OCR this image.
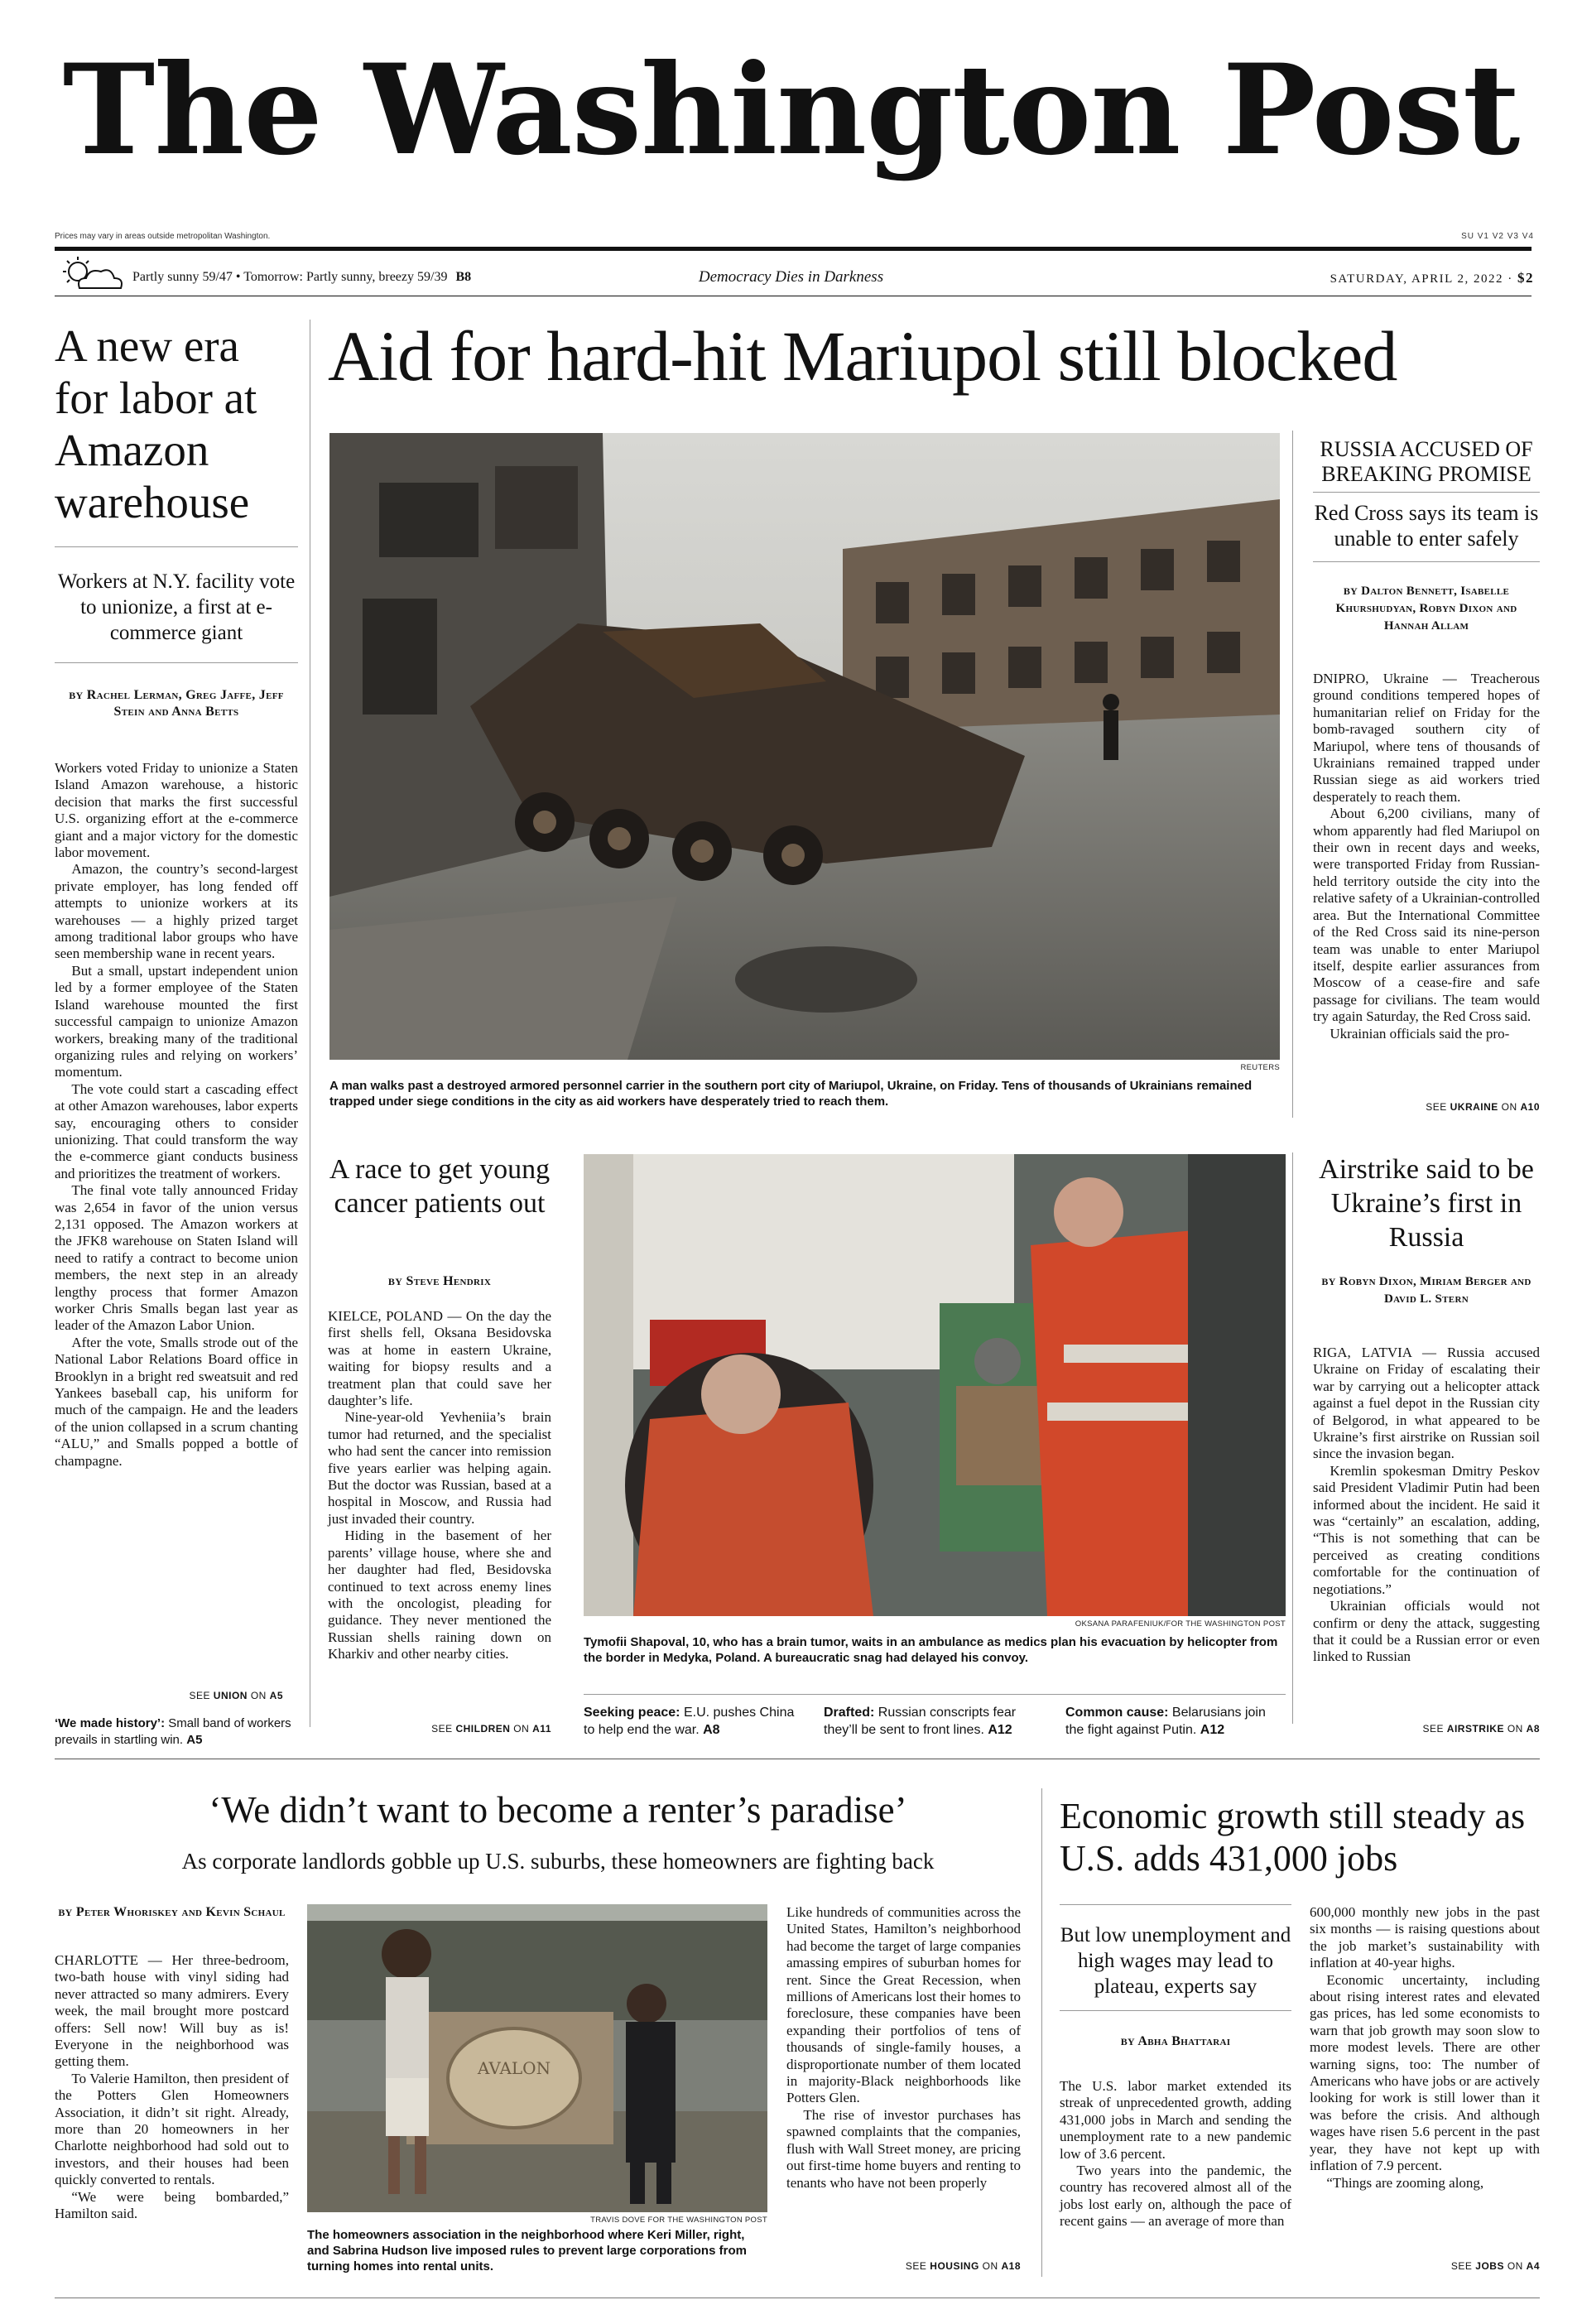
The Washington Post
Prices may vary in areas outside metropolitan Washington.	SU V1 V2 V3 V4
Partly sunny 59/47 • Tomorrow: Partly sunny, breezy 59/39 B8	Democracy Dies in Darkness	SATURDAY, APRIL 2, 2022 · $2
A new era for labor at Amazon warehouse
Workers at N.Y. facility vote to unionize, a first at e-commerce giant
BY Rachel Lerman, Greg Jaffe, Jeff Stein and Anna Betts

Workers voted Friday to unionize a Staten Island Amazon warehouse, a historic decision that marks the first successful U.S. organizing effort at the e-commerce giant and a major victory for the domestic labor movement.

Amazon, the country’s second-largest private employer, has long fended off attempts to unionize workers at its warehouses — a highly prized target among traditional labor groups who have seen membership wane in recent years.

But a small, upstart independent union led by a former employee of the Staten Island warehouse mounted the first successful campaign to unionize Amazon workers, breaking many of the traditional organizing rules and relying on workers’ momentum.

The vote could start a cascading effect at other Amazon warehouses, labor experts say, encouraging others to consider unionizing. That could transform the way the e-commerce giant conducts business and prioritizes the treatment of workers.

The final vote tally announced Friday was 2,654 in favor of the union versus 2,131 opposed. The Amazon workers at the JFK8 warehouse on Staten Island will need to ratify a contract to become union members, the next step in an already lengthy process that former Amazon worker Chris Smalls began last year as leader of the Amazon Labor Union.

After the vote, Smalls strode out of the National Labor Relations Board office in Brooklyn in a bright red sweatsuit and red Yankees baseball cap, his uniform for much of the campaign. He and the leaders of the union collapsed in a scrum chanting “ALU,” and Smalls popped a bottle of champagne.

SEE UNION ON A5
‘We made history’: Small band of workers prevails in startling win. A5
Aid for hard-hit Mariupol still blocked
REUTERS
A man walks past a destroyed armored personnel carrier in the southern port city of Mariupol, Ukraine, on Friday. Tens of thousands of Ukrainians remained trapped under siege conditions in the city as aid workers have desperately tried to reach them.
RUSSIA ACCUSED OF BREAKING PROMISE
Red Cross says its team is unable to enter safely
BY Dalton Bennett, Isabelle Khurshudyan, Robyn Dixon and Hannah Allam

DNIPRO, Ukraine — Treacherous ground conditions tempered hopes of humanitarian relief on Friday for the bomb-ravaged southern city of Mariupol, where tens of thousands of Ukrainians remained trapped under Russian siege as aid workers tried desperately to reach them.

About 6,200 civilians, many of whom apparently had fled Mariupol on their own in recent days and weeks, were transported Friday from Russian-held territory outside the city into the relative safety of a Ukrainian-controlled area. But the International Committee of the Red Cross said its nine-person team was unable to enter Mariupol itself, despite earlier assurances from Moscow of a cease-fire and safe passage for civilians. The team would try again Saturday, the Red Cross said.

Ukrainian officials said the pro-

SEE UKRAINE ON A10
A race to get young cancer patients out
BY Steve Hendrix

KIELCE, POLAND — On the day the first shells fell, Oksana Besidovska was at home in eastern Ukraine, waiting for biopsy results and a treatment plan that could save her daughter’s life.

Nine-year-old Yevheniia’s brain tumor had returned, and the specialist who had sent the cancer into remission five years earlier was helping again. But the doctor was Russian, based at a hospital in Moscow, and Russia had just invaded their country.

Hiding in the basement of her parents’ village house, where she and her daughter had fled, Besidovska continued to text across enemy lines with the oncologist, pleading for guidance. They never mentioned the Russian shells raining down on Kharkiv and other nearby cities.

SEE CHILDREN ON A11
OKSANA PARAFENIUK/FOR THE WASHINGTON POST
Tymofii Shapoval, 10, who has a brain tumor, waits in an ambulance as medics plan his evacuation by helicopter from the border in Medyka, Poland. A bureaucratic snag had delayed his convoy.
Seeking peace: E.U. pushes China to help end the war. A8
Drafted: Russian conscripts fear they’ll be sent to front lines. A12
Common cause: Belarusians join the fight against Putin. A12
Airstrike said to be Ukraine’s first in Russia
BY Robyn Dixon, Miriam Berger and David L. Stern

RIGA, LATVIA — Russia accused Ukraine on Friday of escalating their war by carrying out a helicopter attack against a fuel depot in the Russian city of Belgorod, in what appeared to be Ukraine’s first airstrike on Russian soil since the invasion began.

Kremlin spokesman Dmitry Peskov said President Vladimir Putin had been informed about the incident. He said it was “certainly” an escalation, adding, “This is not something that can be perceived as creating conditions comfortable for the continuation of negotiations.”

Ukrainian officials would not confirm or deny the attack, suggesting that it could be a Russian error or even linked to Russian

SEE AIRSTRIKE ON A8
‘We didn’t want to become a renter’s paradise’
As corporate landlords gobble up U.S. suburbs, these homeowners are fighting back
BY Peter Whoriskey and Kevin Schaul

CHARLOTTE — Her three-bedroom, two-bath house with vinyl siding had never attracted so many admirers. Every week, the mail brought more postcard offers: Sell now! Will buy as is! Everyone in the neighborhood was getting them.

To Valerie Hamilton, then president of the Potters Glen Homeowners Association, it didn’t sit right. Already, more than 20 homeowners in her Charlotte neighborhood had sold out to investors, and their houses had been quickly converted to rentals.

“We were being bombarded,” Hamilton said.

AVALON
TRAVIS DOVE FOR THE WASHINGTON POST
The homeowners association in the neighborhood where Keri Miller, right, and Sabrina Hudson live imposed rules to prevent large corporations from turning homes into rental units.

Like hundreds of communities across the United States, Hamilton’s neighborhood had become the target of large companies amassing empires of suburban homes for rent. Since the Great Recession, when millions of Americans lost their homes to foreclosure, these companies have been expanding their portfolios of tens of thousands of single-family houses, a disproportionate number of them located in majority-Black neighborhoods like Potters Glen.

The rise of investor purchases has spawned complaints that the companies, flush with Wall Street money, are pricing out first-time home buyers and renting to tenants who have not been properly

SEE HOUSING ON A18
Economic growth still steady as U.S. adds 431,000 jobs
But low unemployment and high wages may lead to plateau, experts say
BY Abha Bhattarai

The U.S. labor market extended its streak of unprecedented growth, adding 431,000 jobs in March and sending the unemployment rate to a new pandemic low of 3.6 percent.

Two years into the pandemic, the country has recovered almost all of the jobs lost early on, although the pace of recent gains — an average of more than

600,000 monthly new jobs in the past six months — is raising questions about the job market’s sustainability with inflation at 40-year highs.

Economic uncertainty, including about rising interest rates and elevated gas prices, has led some economists to warn that job growth may soon slow to more modest levels. There are other warning signs, too: The number of Americans who have jobs or are actively looking for work is still lower than it was before the crisis. And although wages have risen 5.6 percent in the past year, they have not kept up with inflation of 7.9 percent.

“Things are zooming along,

SEE JOBS ON A4
